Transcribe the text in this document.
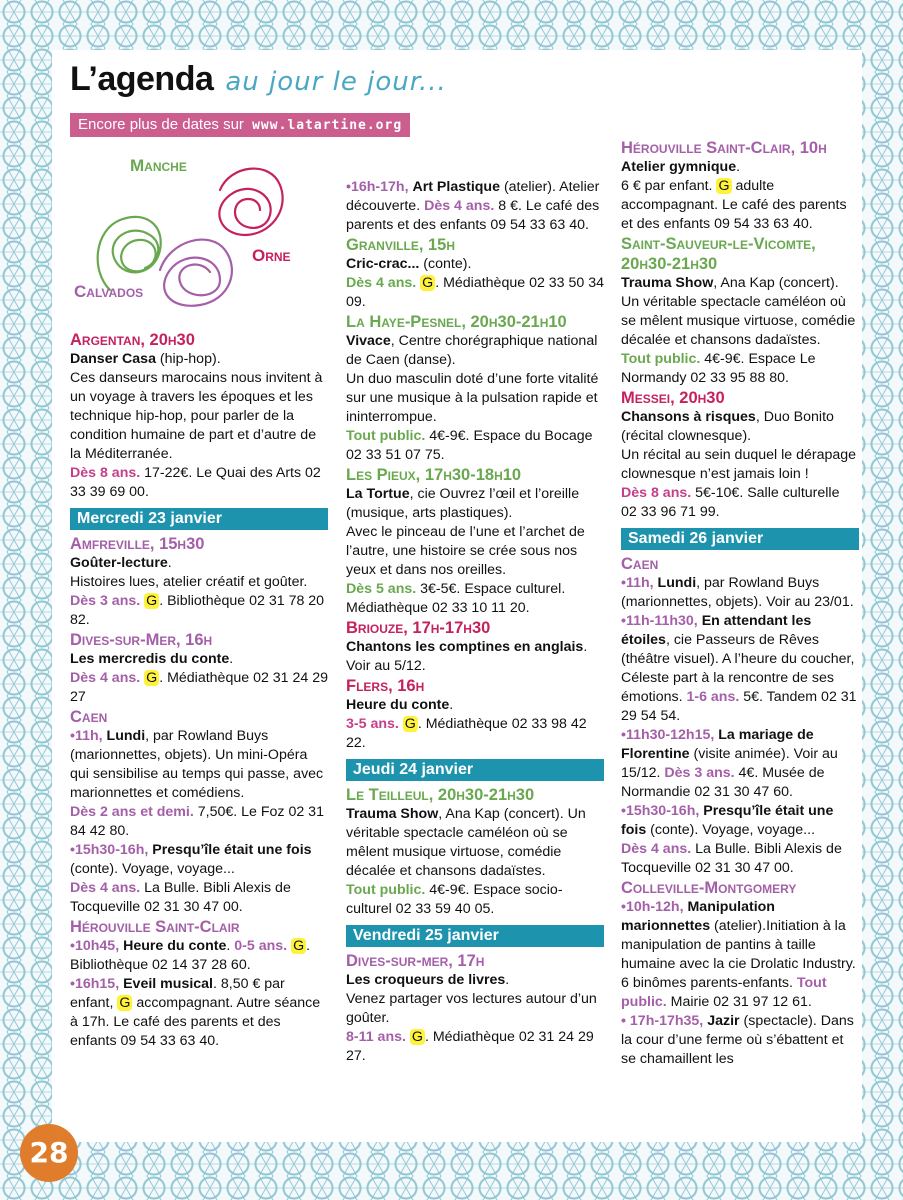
L’agenda au jour le jour...
Encore plus de dates sur www.latartine.org
Manche
Orne
Calvados

Argentan, 20h30

Danser Casa (hip-hop).

Ces danseurs marocains nous invitent à un voyage à travers les époques et les technique hip-hop, pour parler de la condition humaine de part et d’autre de la Méditerranée.

Dès 8 ans. 17-22€. Le Quai des Arts 02 33 39 69 00.

Mercredi 23 janvier

Amfreville, 15h30

Goûter-lecture.

Histoires lues, atelier créatif et goûter.

Dès 3 ans. G . Bibliothèque 02 31 78 20 82.

Dives-sur-Mer, 16h

Les mercredis du conte.

Dès 4 ans. G . Médiathèque 02 31 24 29 27

Caen

•11h, Lundi, par Rowland Buys (marionnettes, objets). Un mini-Opéra qui sensibilise au temps qui passe, avec marionnettes et comédiens.

Dès 2 ans et demi. 7,50€. Le Foz 02 31 84 42 80.

•15h30-16h, Presqu’île était une fois (conte). Voyage, voyage...

Dès 4 ans. La Bulle. Bibli Alexis de Tocqueville 02 31 30 47 00.

Hérouville Saint-Clair

•10h45, Heure du conte. 0-5 ans. G . Bibliothèque 02 14 37 28 60.

•16h15, Eveil musical. 8,50 € par enfant, G accompagnant. Autre séance à 17h. Le café des parents et des enfants 09 54 33 63 40.

•16h-17h, Art Plastique (atelier). Atelier découverte. Dès 4 ans. 8 €. Le café des parents et des enfants 09 54 33 63 40.

Granville, 15h

Cric-crac... (conte).

Dès 4 ans. G . Médiathèque 02 33 50 34 09.

La Haye-Pesnel, 20h30-21h10

Vivace, Centre chorégraphique national de Caen (danse).

Un duo masculin doté d’une forte vitalité sur une musique à la pulsation rapide et ininterrompue.

Tout public. 4€-9€. Espace du Bocage 02 33 51 07 75.

Les Pieux, 17h30-18h10

La Tortue, cie Ouvrez l’œil et l’oreille (musique, arts plastiques).

Avec le pinceau de l’une et l’archet de l’autre, une histoire se crée sous nos yeux et dans nos oreilles.

Dès 5 ans. 3€-5€. Espace culturel. Médiathèque 02 33 10 11 20.

Briouze, 17h-17h30

Chantons les comptines en anglais.

Voir au 5/12.

Flers, 16h

Heure du conte.

3-5 ans. G . Médiathèque 02 33 98 42 22.

Jeudi 24 janvier

Le Teilleul, 20h30-21h30

Trauma Show, Ana Kap (concert). Un véritable spectacle caméléon où se mêlent musique virtuose, comédie décalée et chansons dadaïstes.

Tout public. 4€-9€. Espace socio-culturel 02 33 59 40 05.

Vendredi 25 janvier

Dives-sur-mer, 17h

Les croqueurs de livres.

Venez partager vos lectures autour d’un goûter.

8-11 ans. G . Médiathèque 02 31 24 29 27.

Hérouville Saint-Clair, 10h

Atelier gymnique.

6 € par enfant. G adulte accompagnant. Le café des parents et des enfants 09 54 33 63 40.

Saint-Sauveur-le-Vicomte, 20h30-21h30

Trauma Show, Ana Kap (concert). Un véritable spectacle caméléon où se mêlent musique virtuose, comédie décalée et chansons dadaïstes.

Tout public. 4€-9€. Espace Le Normandy 02 33 95 88 80.

Messei, 20h30

Chansons à risques, Duo Bonito (récital clownesque).

Un récital au sein duquel le dérapage clownesque n’est jamais loin !

Dès 8 ans. 5€-10€. Salle culturelle 02 33 96 71 99.

Samedi 26 janvier

Caen

•11h, Lundi, par Rowland Buys (marionnettes, objets). Voir au 23/01.

•11h-11h30, En attendant les étoiles, cie Passeurs de Rêves (théâtre visuel). A l’heure du coucher, Céleste part à la rencontre de ses émotions. 1-6 ans. 5€. Tandem 02 31 29 54 54.

•11h30-12h15, La mariage de Florentine (visite animée). Voir au 15/12. Dès 3 ans. 4€. Musée de Normandie 02 31 30 47 60.

•15h30-16h, Presqu’île était une fois (conte). Voyage, voyage...

Dès 4 ans. La Bulle. Bibli Alexis de Tocqueville 02 31 30 47 00.

Colleville-Montgomery

•10h-12h, Manipulation marionnettes (atelier).Initiation à la manipulation de pantins à taille humaine avec la cie Drolatic Industry. 6 binômes parents-enfants. Tout public. Mairie 02 31 97 12 61.

• 17h-17h35, Jazir (spectacle). Dans la cour d’une ferme où s’ébattent et se chamaillent les

28
